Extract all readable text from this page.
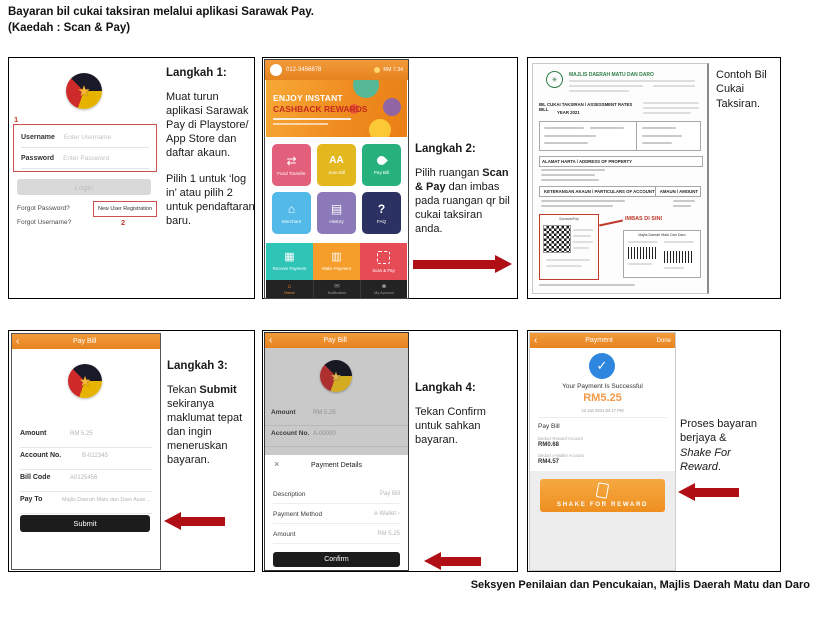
Bayaran bil cukai taksiran melalui aplikasi Sarawak Pay.
(Kaedah : Scan & Pay)
★
1
Username Enter Username
Password Enter Password
Login
Forgot Password?	New User Registration
2
Forgot Username?
Langkah 1:

Muat turun aplikasi Sarawak Pay di Playstore/ App Store dan daftar akaun.

Pilih 1 untuk ‘log in’ atau pilih 2 untuk pendaftaran baru.

012-3456878	RM 7.34
ENJOY INSTANT
CASHBACK REWARDS
⇄
Fund Transfer
AA
Auto Bill	Pay Bill
⌂
Merchant
▤
History
?
FAQ
▦
Receive Payment
▥
Make Payment	Scan & Pay
⌂
Home
✉
Notification
☻
My Account
Langkah 2:

Pilih ruangan Scan & Pay dan imbas pada ruangan qr bil cukai taksiran anda.

✳
MAJLIS DAERAH MATU DAN DARO
BIL CUKAI TAKSIRAN / ASSESSMENT RATES BILL
YEAR 2021
ALAMAT HARTA / ADDRESS OF PROPERTY
KETERANGAN AKAUN / PARTICULARS OF ACCOUNT	AMAUN / AMOUNT
SarawakPay	IMBAS DI SINI
Majlis Daerah Matu Dan Daro
Contoh Bil Cukai Taksiran.
‹	Pay Bill
★
Amount	RM 5.25
Account No.	B-012345
Bill Code	A0125456
Pay To	Majlis Daerah Matu dan Daro Asse...
Submit
Langkah 3:

Tekan Submit sekiranya maklumat tepat dan ingin meneruskan bayaran.

‹	Pay Bill
★
Amount	RM 5.25
Account No. A-00000
×	Payment Details
Description	Pay Bill
Payment Method	e-Wallet ›
Amount	RM 5.25
Confirm
Langkah 4:

Tekan Confirm untuk sahkan bayaran.

‹	Payment	Done
✓
Your Payment Is Successful
RM5.25
22 Jan 2021,04:17 PM
Pay Bill
Deduct Reward Account
RM0.68
Deduct e-Wallet Account
RM4.57
SHAKE FOR REWARD
Proses bayaran berjaya & Shake For Reward.
Seksyen Penilaian dan Pencukaian, Majlis Daerah Matu dan Daro
